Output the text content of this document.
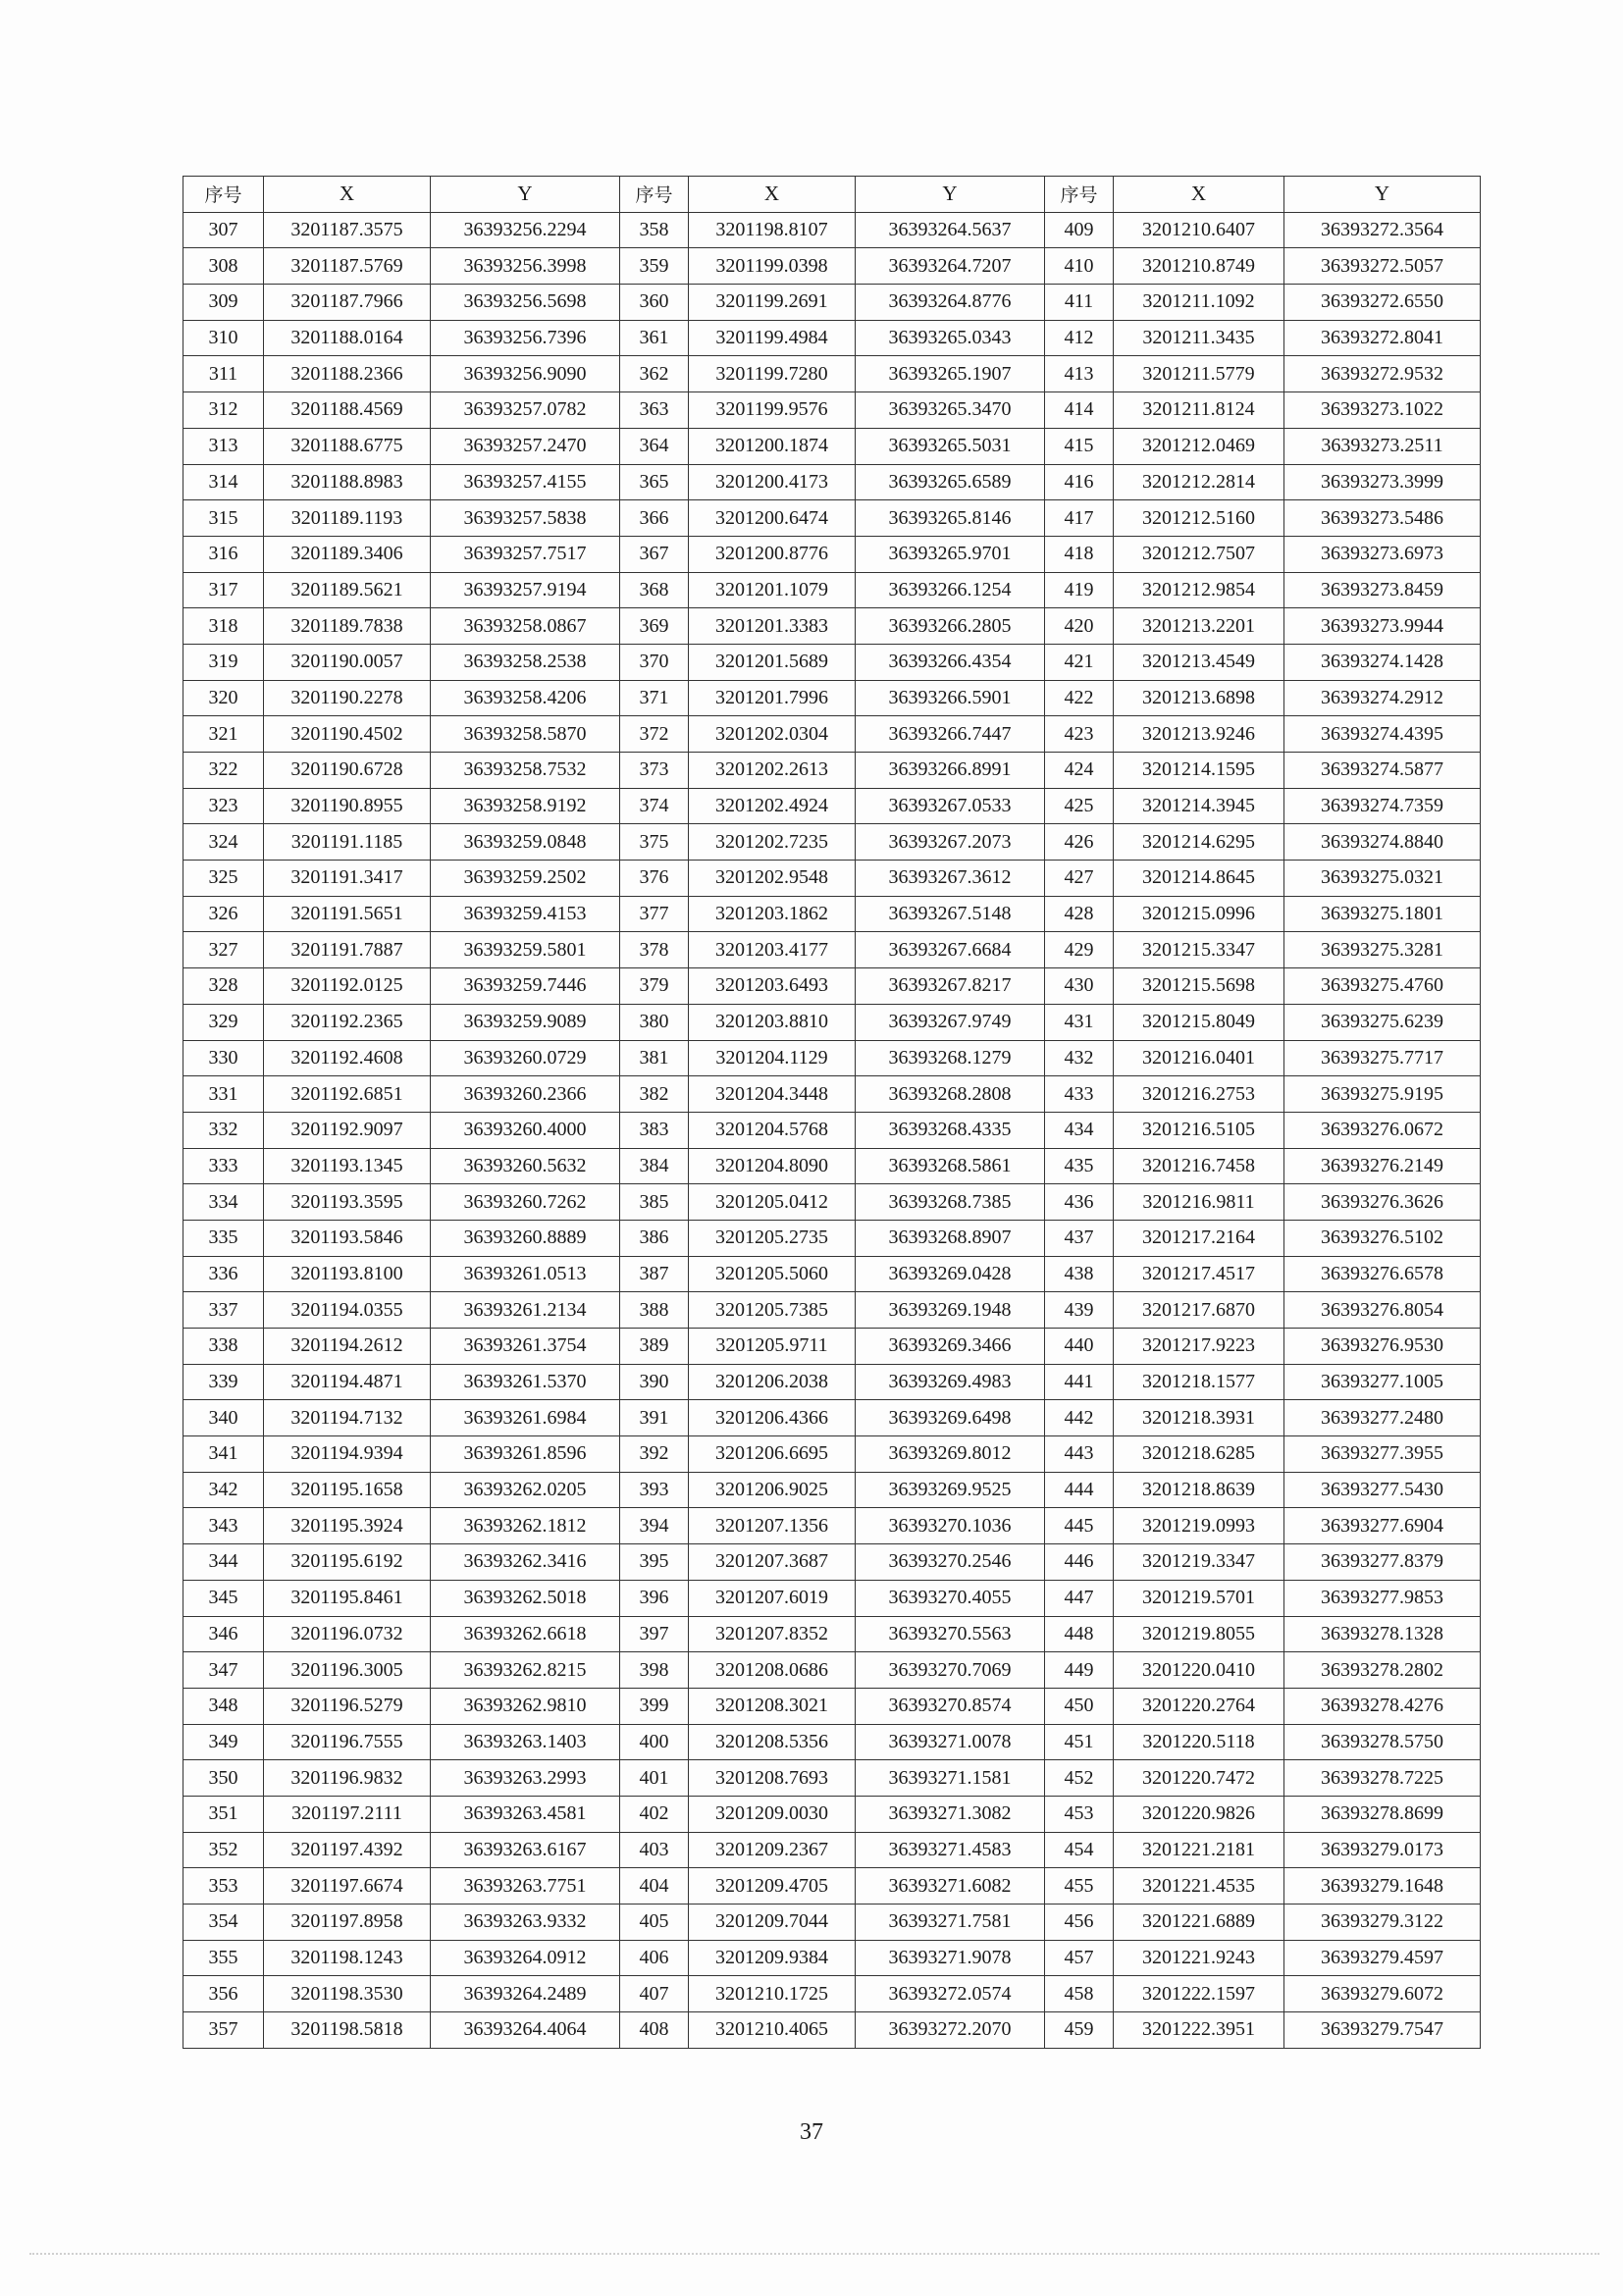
序号	X	Y	序号	X	Y	序号	X	Y
307	3201187.3575	36393256.2294	358	3201198.8107	36393264.5637	409	3201210.6407	36393272.3564
308	3201187.5769	36393256.3998	359	3201199.0398	36393264.7207	410	3201210.8749	36393272.5057
309	3201187.7966	36393256.5698	360	3201199.2691	36393264.8776	411	3201211.1092	36393272.6550
310	3201188.0164	36393256.7396	361	3201199.4984	36393265.0343	412	3201211.3435	36393272.8041
311	3201188.2366	36393256.9090	362	3201199.7280	36393265.1907	413	3201211.5779	36393272.9532
312	3201188.4569	36393257.0782	363	3201199.9576	36393265.3470	414	3201211.8124	36393273.1022
313	3201188.6775	36393257.2470	364	3201200.1874	36393265.5031	415	3201212.0469	36393273.2511
314	3201188.8983	36393257.4155	365	3201200.4173	36393265.6589	416	3201212.2814	36393273.3999
315	3201189.1193	36393257.5838	366	3201200.6474	36393265.8146	417	3201212.5160	36393273.5486
316	3201189.3406	36393257.7517	367	3201200.8776	36393265.9701	418	3201212.7507	36393273.6973
317	3201189.5621	36393257.9194	368	3201201.1079	36393266.1254	419	3201212.9854	36393273.8459
318	3201189.7838	36393258.0867	369	3201201.3383	36393266.2805	420	3201213.2201	36393273.9944
319	3201190.0057	36393258.2538	370	3201201.5689	36393266.4354	421	3201213.4549	36393274.1428
320	3201190.2278	36393258.4206	371	3201201.7996	36393266.5901	422	3201213.6898	36393274.2912
321	3201190.4502	36393258.5870	372	3201202.0304	36393266.7447	423	3201213.9246	36393274.4395
322	3201190.6728	36393258.7532	373	3201202.2613	36393266.8991	424	3201214.1595	36393274.5877
323	3201190.8955	36393258.9192	374	3201202.4924	36393267.0533	425	3201214.3945	36393274.7359
324	3201191.1185	36393259.0848	375	3201202.7235	36393267.2073	426	3201214.6295	36393274.8840
325	3201191.3417	36393259.2502	376	3201202.9548	36393267.3612	427	3201214.8645	36393275.0321
326	3201191.5651	36393259.4153	377	3201203.1862	36393267.5148	428	3201215.0996	36393275.1801
327	3201191.7887	36393259.5801	378	3201203.4177	36393267.6684	429	3201215.3347	36393275.3281
328	3201192.0125	36393259.7446	379	3201203.6493	36393267.8217	430	3201215.5698	36393275.4760
329	3201192.2365	36393259.9089	380	3201203.8810	36393267.9749	431	3201215.8049	36393275.6239
330	3201192.4608	36393260.0729	381	3201204.1129	36393268.1279	432	3201216.0401	36393275.7717
331	3201192.6851	36393260.2366	382	3201204.3448	36393268.2808	433	3201216.2753	36393275.9195
332	3201192.9097	36393260.4000	383	3201204.5768	36393268.4335	434	3201216.5105	36393276.0672
333	3201193.1345	36393260.5632	384	3201204.8090	36393268.5861	435	3201216.7458	36393276.2149
334	3201193.3595	36393260.7262	385	3201205.0412	36393268.7385	436	3201216.9811	36393276.3626
335	3201193.5846	36393260.8889	386	3201205.2735	36393268.8907	437	3201217.2164	36393276.5102
336	3201193.8100	36393261.0513	387	3201205.5060	36393269.0428	438	3201217.4517	36393276.6578
337	3201194.0355	36393261.2134	388	3201205.7385	36393269.1948	439	3201217.6870	36393276.8054
338	3201194.2612	36393261.3754	389	3201205.9711	36393269.3466	440	3201217.9223	36393276.9530
339	3201194.4871	36393261.5370	390	3201206.2038	36393269.4983	441	3201218.1577	36393277.1005
340	3201194.7132	36393261.6984	391	3201206.4366	36393269.6498	442	3201218.3931	36393277.2480
341	3201194.9394	36393261.8596	392	3201206.6695	36393269.8012	443	3201218.6285	36393277.3955
342	3201195.1658	36393262.0205	393	3201206.9025	36393269.9525	444	3201218.8639	36393277.5430
343	3201195.3924	36393262.1812	394	3201207.1356	36393270.1036	445	3201219.0993	36393277.6904
344	3201195.6192	36393262.3416	395	3201207.3687	36393270.2546	446	3201219.3347	36393277.8379
345	3201195.8461	36393262.5018	396	3201207.6019	36393270.4055	447	3201219.5701	36393277.9853
346	3201196.0732	36393262.6618	397	3201207.8352	36393270.5563	448	3201219.8055	36393278.1328
347	3201196.3005	36393262.8215	398	3201208.0686	36393270.7069	449	3201220.0410	36393278.2802
348	3201196.5279	36393262.9810	399	3201208.3021	36393270.8574	450	3201220.2764	36393278.4276
349	3201196.7555	36393263.1403	400	3201208.5356	36393271.0078	451	3201220.5118	36393278.5750
350	3201196.9832	36393263.2993	401	3201208.7693	36393271.1581	452	3201220.7472	36393278.7225
351	3201197.2111	36393263.4581	402	3201209.0030	36393271.3082	453	3201220.9826	36393278.8699
352	3201197.4392	36393263.6167	403	3201209.2367	36393271.4583	454	3201221.2181	36393279.0173
353	3201197.6674	36393263.7751	404	3201209.4705	36393271.6082	455	3201221.4535	36393279.1648
354	3201197.8958	36393263.9332	405	3201209.7044	36393271.7581	456	3201221.6889	36393279.3122
355	3201198.1243	36393264.0912	406	3201209.9384	36393271.9078	457	3201221.9243	36393279.4597
356	3201198.3530	36393264.2489	407	3201210.1725	36393272.0574	458	3201222.1597	36393279.6072
357	3201198.5818	36393264.4064	408	3201210.4065	36393272.2070	459	3201222.3951	36393279.7547
37
